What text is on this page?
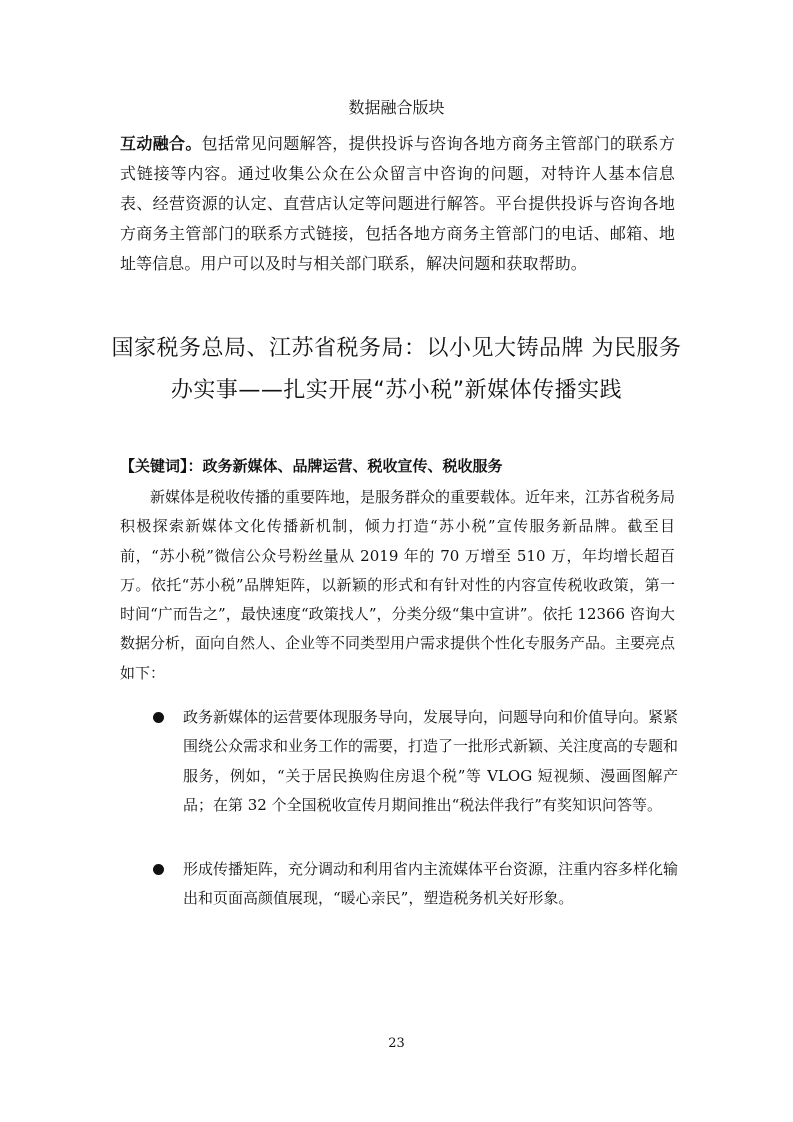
数据融合版块
互动融合。包括常见问题解答，提供投诉与咨询各地方商务主管部门的联系方式链接等内容。通过收集公众在公众留言中咨询的问题，对特许人基本信息表、经营资源的认定、直营店认定等问题进行解答。平台提供投诉与咨询各地方商务主管部门的联系方式链接，包括各地方商务主管部门的电话、邮箱、地址等信息。用户可以及时与相关部门联系，解决问题和获取帮助。
国家税务总局、江苏省税务局：以小见大铸品牌 为民服务
办实事——扎实开展“苏小税”新媒体传播实践
【关键词】：政务新媒体、品牌运营、税收宣传、税收服务
新媒体是税收传播的重要阵地，是服务群众的重要载体。近年来，江苏省税务局积极探索新媒体文化传播新机制，倾力打造“苏小税”宣传服务新品牌。截至目前，“苏小税”微信公众号粉丝量从 2019 年的 70 万增至 510 万，年均增长超百万。依托“苏小税”品牌矩阵，以新颖的形式和有针对性的内容宣传税收政策，第一时间“广而告之”，最快速度“政策找人”，分类分级“集中宣讲”。依托 12366 咨询大数据分析，面向自然人、企业等不同类型用户需求提供个性化专服务产品。主要亮点如下：
政务新媒体的运营要体现服务导向，发展导向，问题导向和价值导向。紧紧围绕公众需求和业务工作的需要，打造了一批形式新颖、关注度高的专题和服务，例如，“关于居民换购住房退个税”等 VLOG 短视频、漫画图解产品；在第 32 个全国税收宣传月期间推出“税法伴我行”有奖知识问答等。
形成传播矩阵，充分调动和利用省内主流媒体平台资源，注重内容多样化输出和页面高颜值展现，“暖心亲民”，塑造税务机关好形象。
23
